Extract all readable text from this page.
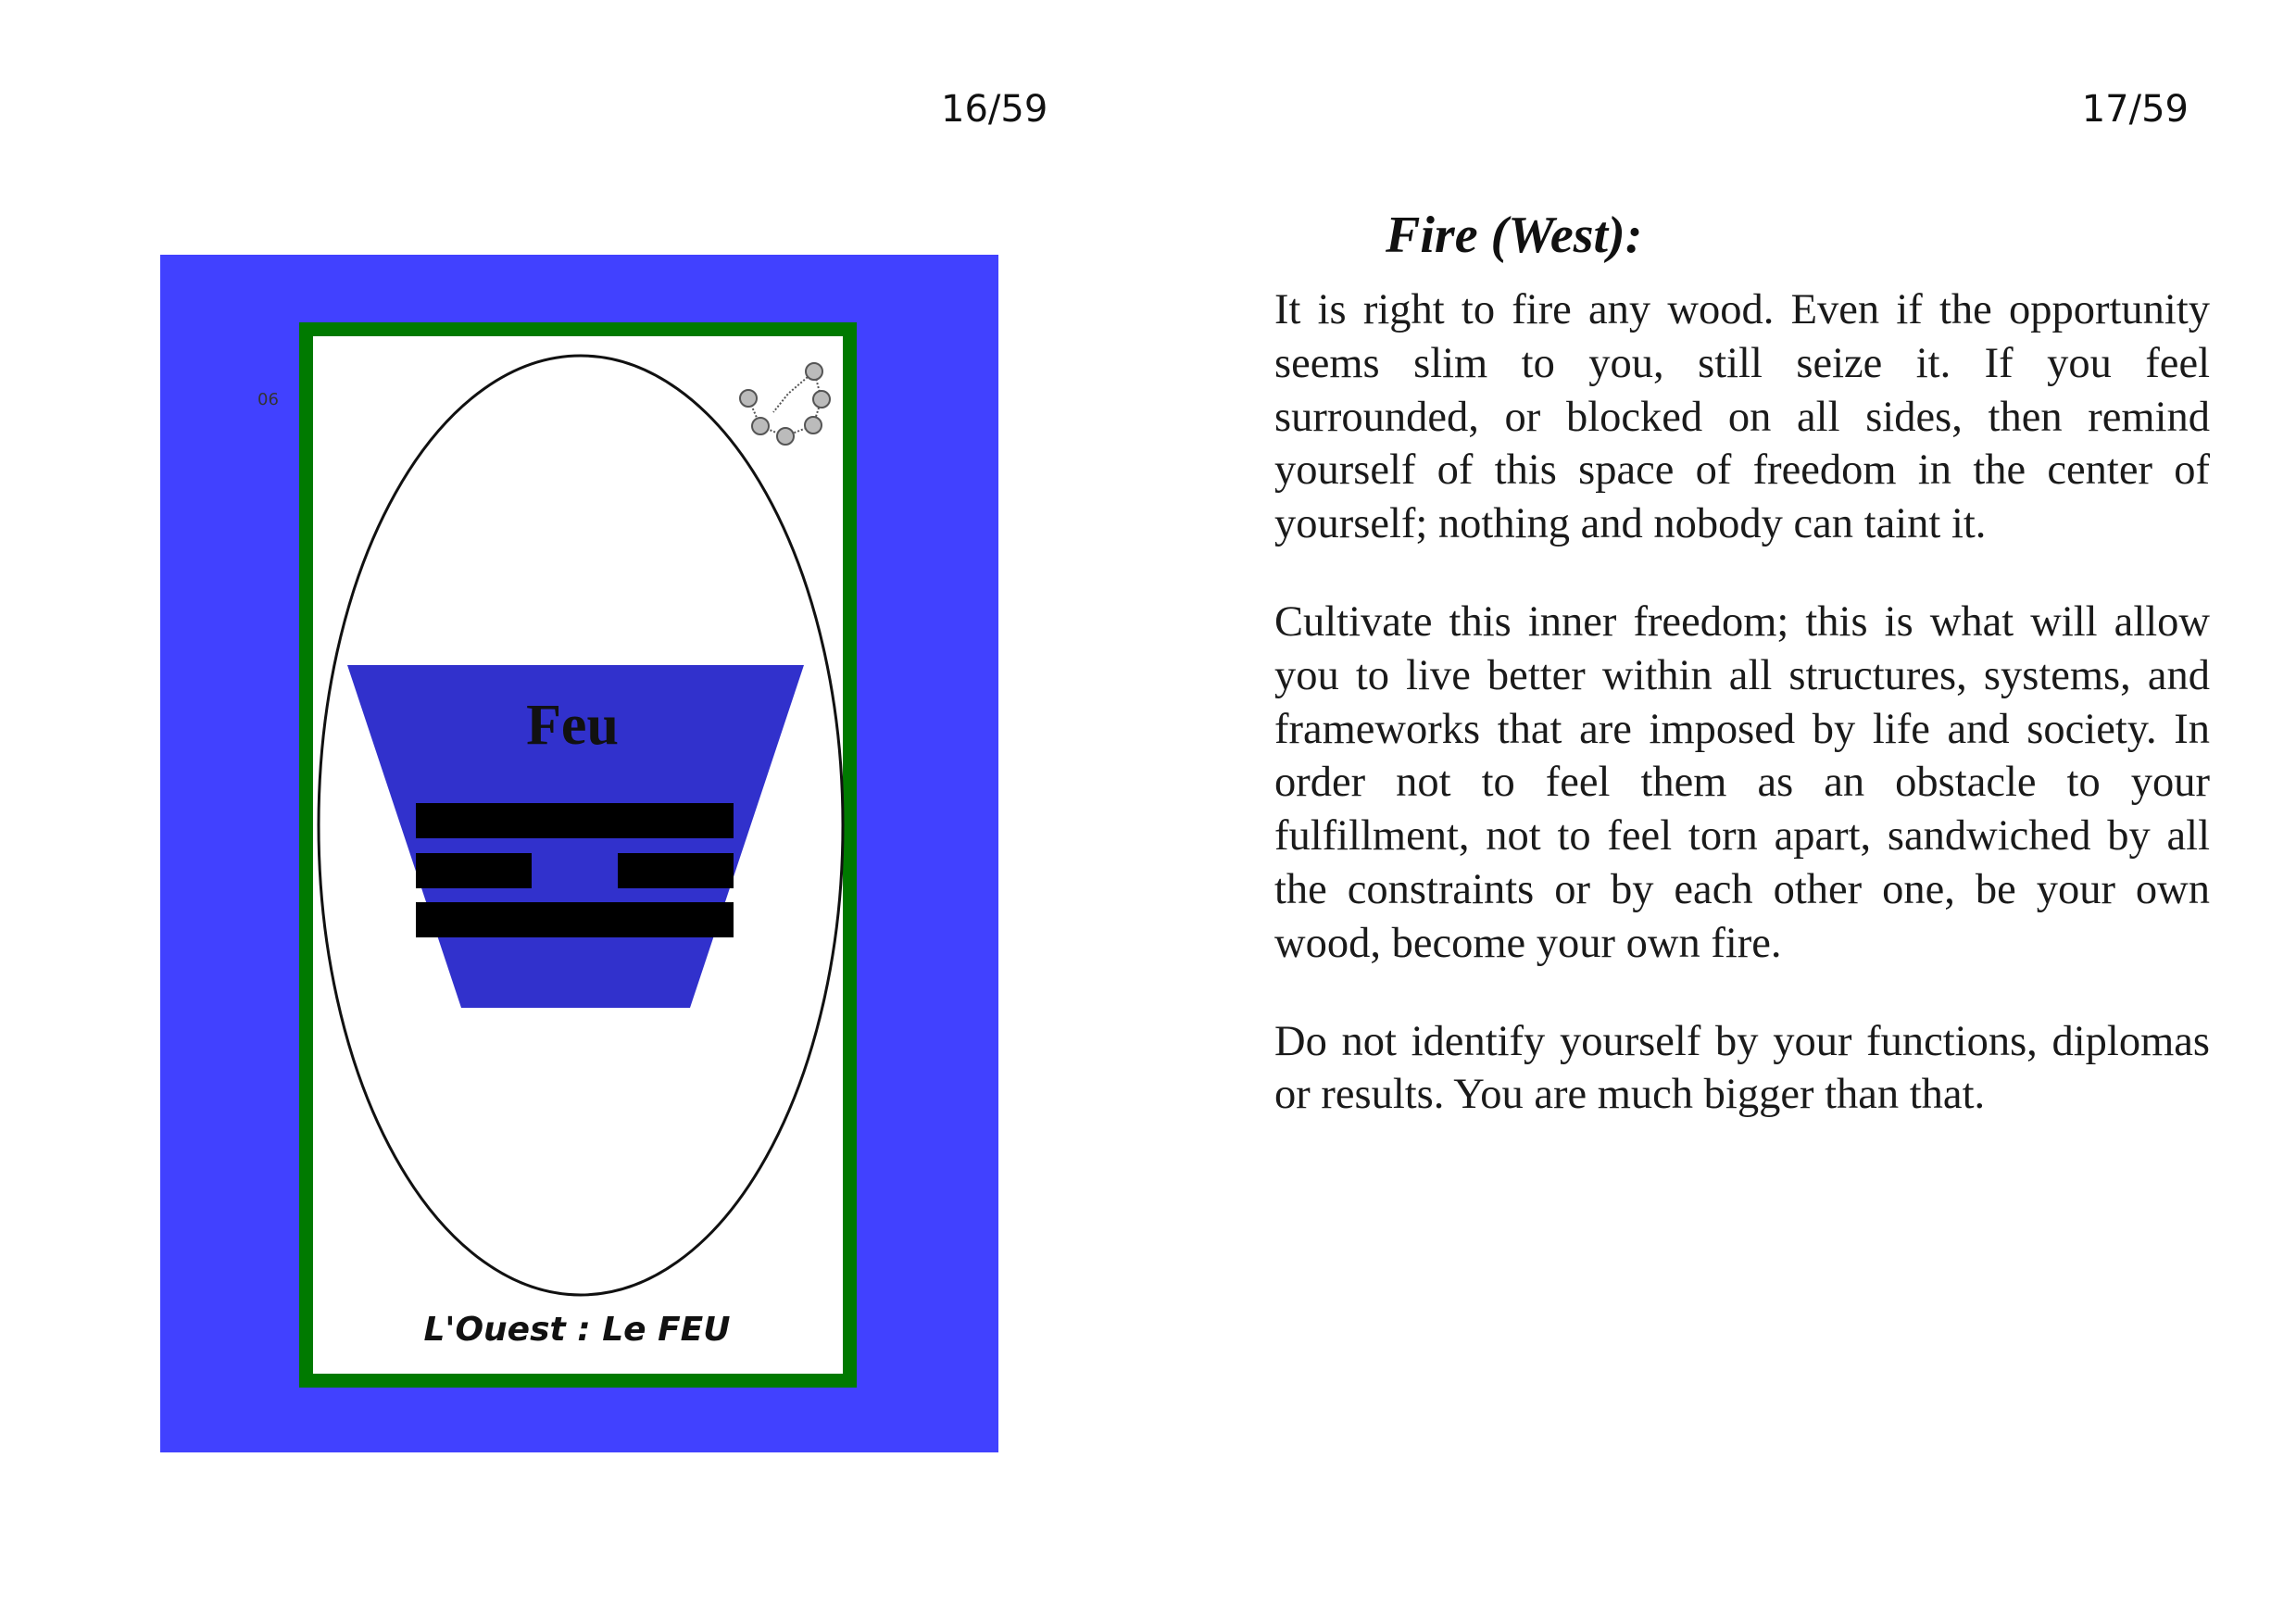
16/59	17/59
06
Feu
L'Ouest : Le FEU
Fire (West):

It is right to fire any wood. Even if the opportunity seems slim to you, still seize it. If you feel surrounded, or blocked on all sides, then remind yourself of this space of freedom in the center of yourself; nothing and nobody can taint it.

Cultivate this inner freedom; this is what will allow you to live better within all structures, systems, and frameworks that are imposed by life and society. In order not to feel them as an obstacle to your fulfillment, not to feel torn apart, sandwiched by all the constraints or by each other one, be your own wood, become your own fire.

Do not identify yourself by your functions, diplomas or results. You are much bigger than that.
